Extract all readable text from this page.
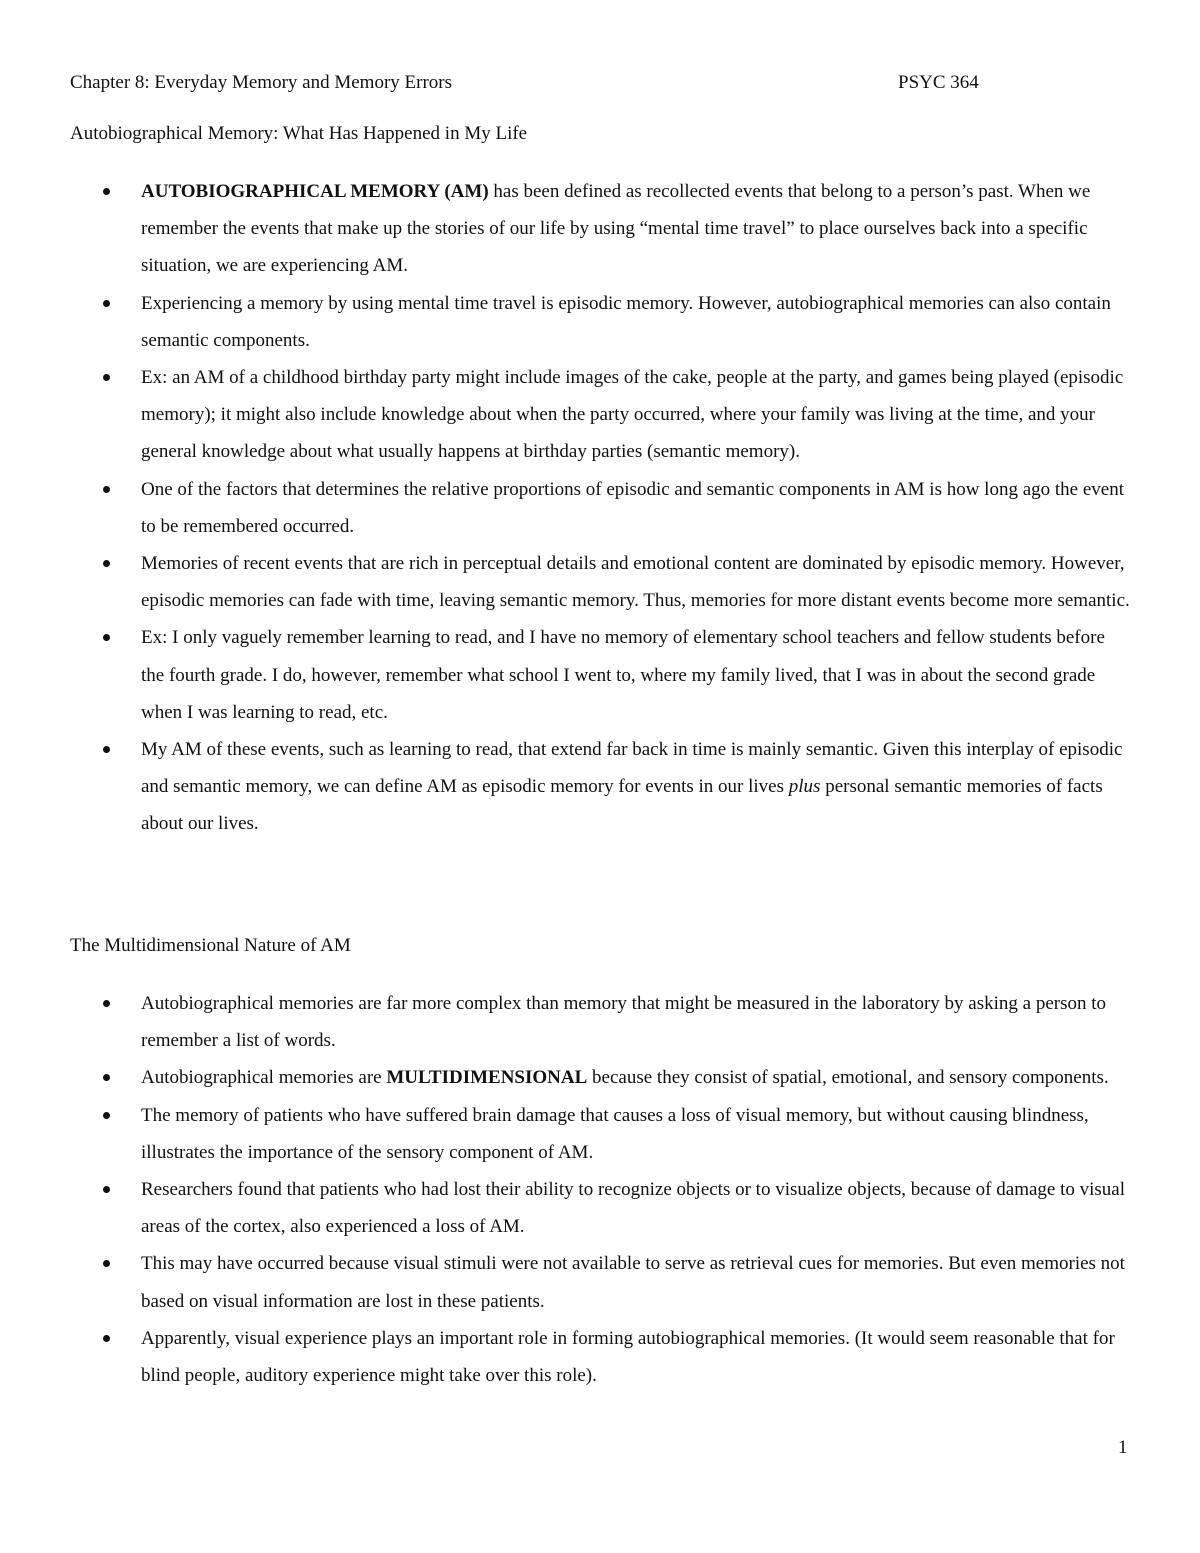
Chapter 8: Everyday Memory and Memory Errors	PSYC 364
Autobiographical Memory: What Has Happened in My Life
AUTOBIOGRAPHICAL MEMORY (AM) has been defined as recollected events that belong to a person’s past. When we remember the events that make up the stories of our life by using “mental time travel” to place ourselves back into a specific situation, we are experiencing AM.
Experiencing a memory by using mental time travel is episodic memory. However, autobiographical memories can also contain semantic components.
Ex: an AM of a childhood birthday party might include images of the cake, people at the party, and games being played (episodic memory); it might also include knowledge about when the party occurred, where your family was living at the time, and your general knowledge about what usually happens at birthday parties (semantic memory).
One of the factors that determines the relative proportions of episodic and semantic components in AM is how long ago the event to be remembered occurred.
Memories of recent events that are rich in perceptual details and emotional content are dominated by episodic memory. However, episodic memories can fade with time, leaving semantic memory. Thus, memories for more distant events become more semantic.
Ex: I only vaguely remember learning to read, and I have no memory of elementary school teachers and fellow students before the fourth grade. I do, however, remember what school I went to, where my family lived, that I was in about the second grade when I was learning to read, etc.
My AM of these events, such as learning to read, that extend far back in time is mainly semantic. Given this interplay of episodic and semantic memory, we can define AM as episodic memory for events in our lives plus personal semantic memories of facts about our lives.
The Multidimensional Nature of AM
Autobiographical memories are far more complex than memory that might be measured in the laboratory by asking a person to remember a list of words.
Autobiographical memories are MULTIDIMENSIONAL because they consist of spatial, emotional, and sensory components.
The memory of patients who have suffered brain damage that causes a loss of visual memory, but without causing blindness, illustrates the importance of the sensory component of AM.
Researchers found that patients who had lost their ability to recognize objects or to visualize objects, because of damage to visual areas of the cortex, also experienced a loss of AM.
This may have occurred because visual stimuli were not available to serve as retrieval cues for memories. But even memories not based on visual information are lost in these patients.
Apparently, visual experience plays an important role in forming autobiographical memories. (It would seem reasonable that for blind people, auditory experience might take over this role).
1
